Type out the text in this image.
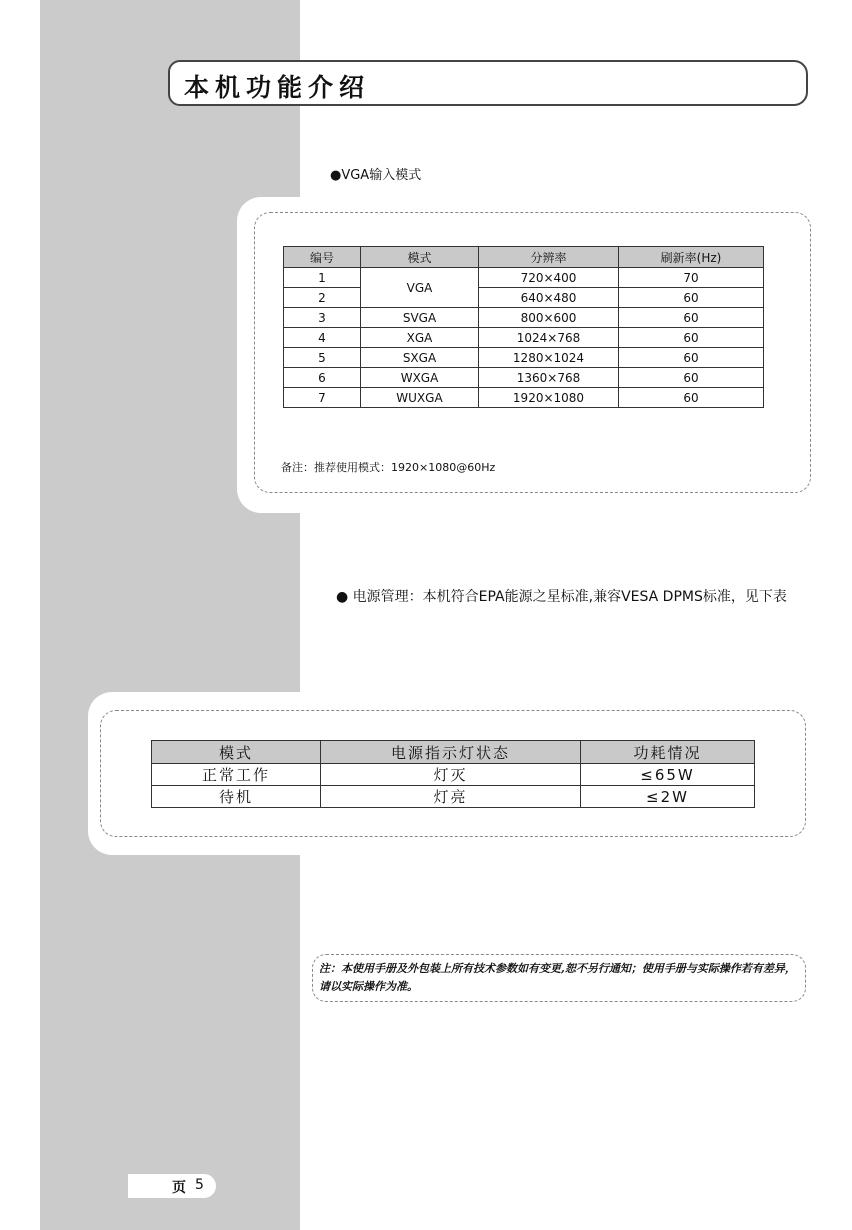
本机功能介绍
●VGA输入模式
编号	模式	分辨率	刷新率(Hz)
1	VGA	720×400	70
2		640×480	60
3	SVGA	800×600	60
4	XGA	1024×768	60
5	SXGA	1280×1024	60
6	WXGA	1360×768	60
7	WUXGA	1920×1080	60
备注：推荐使用模式：1920×1080@60Hz
● 电源管理：本机符合EPA能源之星标准,兼容VESA DPMS标准，见下表
模式	电源指示灯状态	功耗情况
正常工作	灯灭	≤65W
待机	灯亮	≤2W
注：本使用手册及外包装上所有技术参数如有变更,恕不另行通知；使用手册与实际操作若有差异，请以实际操作为准。
页 5
